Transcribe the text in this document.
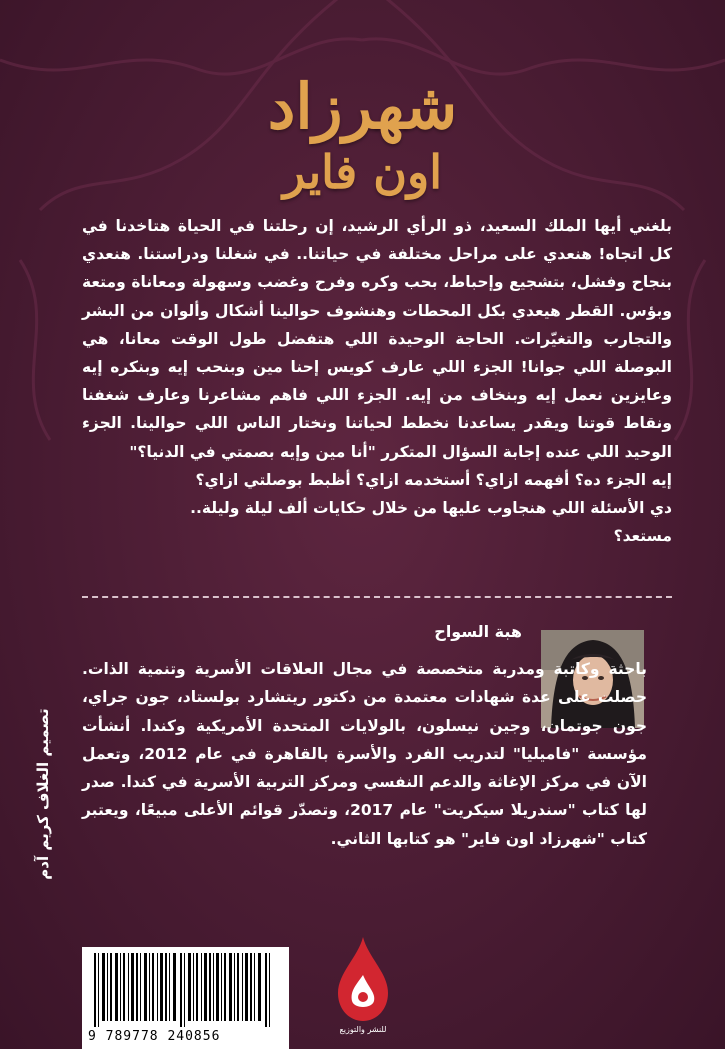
شهرزاد
اون فاير

بلغني أيها الملك السعيد، ذو الرأي الرشيد، إن رحلتنا في الحياة هتاخدنا في كل اتجاه! هنعدي على مراحل مختلفة في حياتنا.. في شغلنا ودراستنا. هنعدي بنجاح وفشل، بتشجيع وإحباط، بحب وكره وفرح وغضب وسهولة ومعاناة ومتعة وبؤس. القطر هيعدي بكل المحطات وهنشوف حوالينا أشكال وألوان من البشر والتجارب والتغيّرات. الحاجة الوحيدة اللي هتفضل طول الوقت معانا، هي البوصلة اللي جوانا! الجزء اللي عارف كويس إحنا مين وبنحب إيه وبنكره إيه وعايزين نعمل إيه وبنخاف من إيه. الجزء اللي فاهم مشاعرنا وعارف شغفنا ونقاط قوتنا ويقدر يساعدنا نخطط لحياتنا ونختار الناس اللي حوالينا. الجزء الوحيد اللي عنده إجابة السؤال المتكرر "أنا مين وإيه بصمتي في الدنيا؟"

إيه الجزء ده؟ أفهمه ازاي؟ أستخدمه ازاي؟ أظبط بوصلتي ازاي؟

دي الأسئلة اللي هنجاوب عليها من خلال حكايات ألف ليلة وليلة..

مستعد؟

هبة السواح
باحثة وكاتبة ومدربة متخصصة في مجال العلاقات الأسرية وتنمية الذات. حصلت على عدة شهادات معتمدة من دكتور ريتشارد بولستاد، جون جراي، جون جوتمان، وجين نيسلون، بالولايات المتحدة الأمريكية وكندا. أنشأت مؤسسة "فاميليا" لتدريب الفرد والأسرة بالقاهرة في عام 2012، وتعمل الآن في مركز الإغاثة والدعم النفسي ومركز التربية الأسرية في كندا. صدر لها كتاب "سندريلا سيكريت" عام 2017، وتصدّر قوائم الأعلى مبيعًا، ويعتبر كتاب "شهرزاد اون فاير" هو كتابها الثاني.
تصميم الغلاف كريم آدم
9 789778 240856	للنشر والتوزيع
